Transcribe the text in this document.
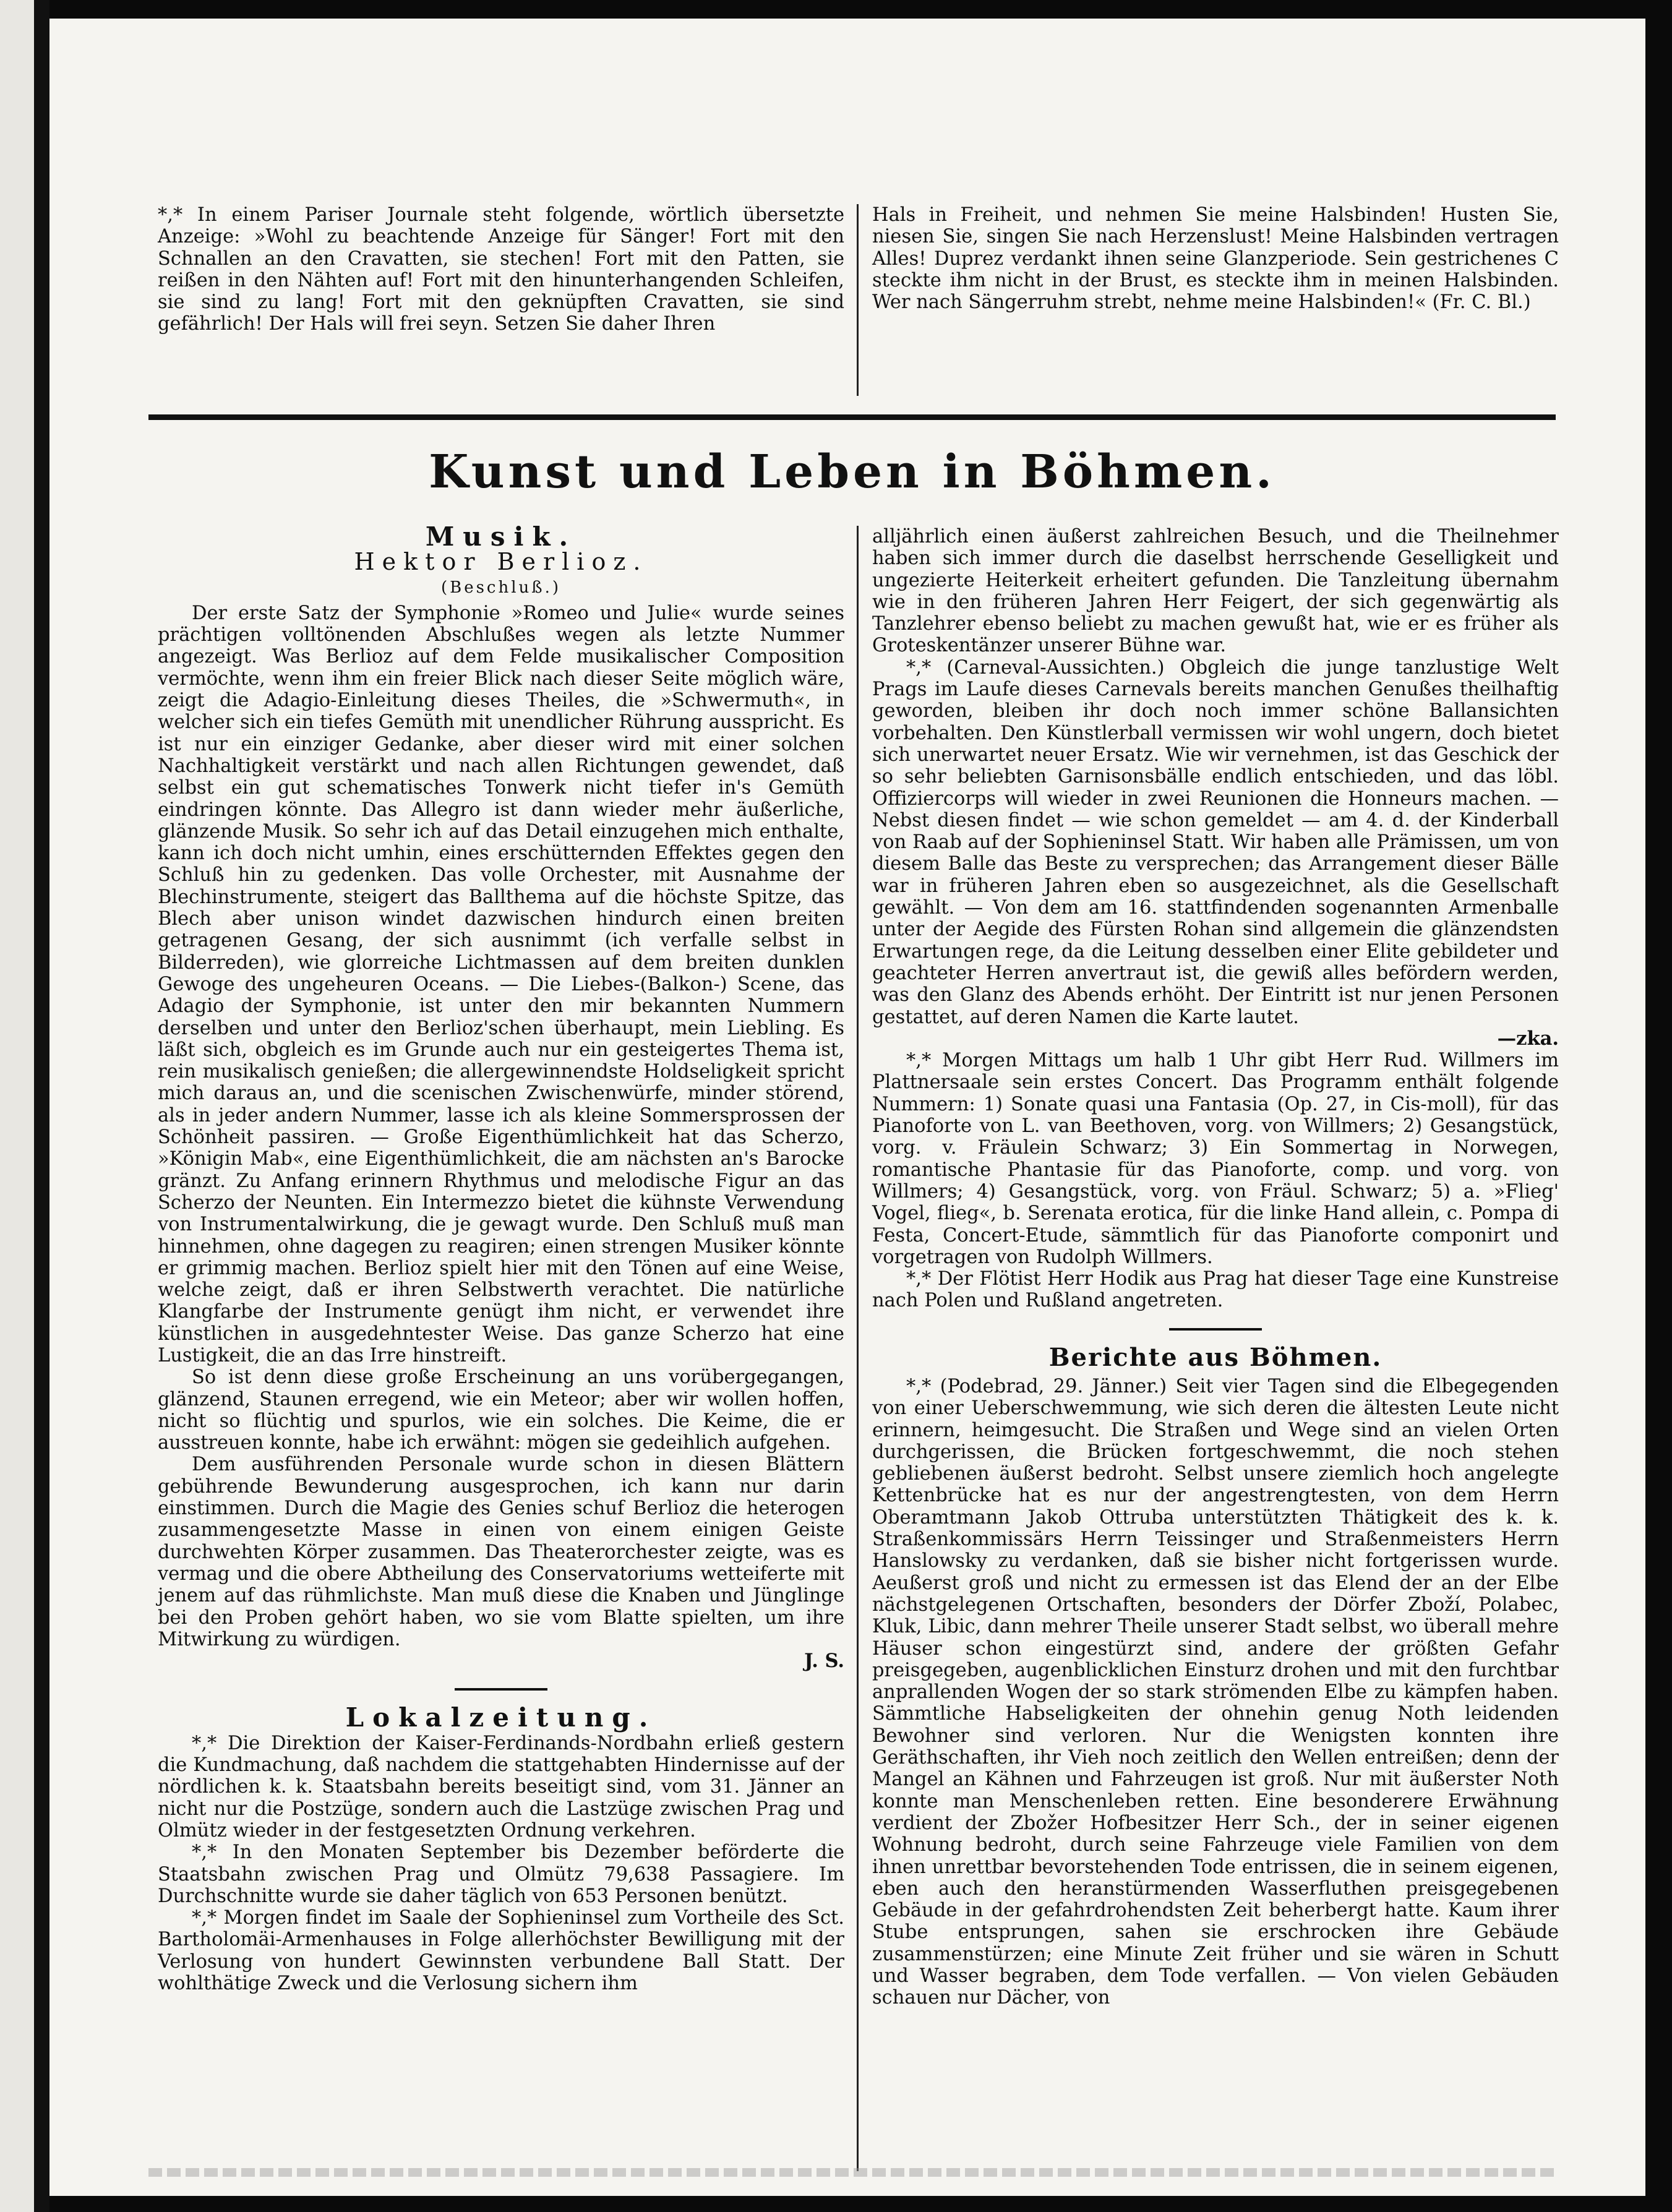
*,* In einem Pariser Journale steht folgende, wörtlich übersetzte Anzeige: »Wohl zu beachtende Anzeige für Sänger! Fort mit den Schnallen an den Cravatten, sie stechen! Fort mit den Patten, sie reißen in den Nähten auf! Fort mit den hinunterhangenden Schleifen, sie sind zu lang! Fort mit den geknüpften Cravatten, sie sind gefährlich! Der Hals will frei seyn. Setzen Sie daher Ihren

Hals in Freiheit, und nehmen Sie meine Halsbinden! Husten Sie, niesen Sie, singen Sie nach Herzenslust! Meine Halsbinden vertragen Alles! Duprez verdankt ihnen seine Glanzperiode. Sein gestrichenes C steckte ihm nicht in der Brust, es steckte ihm in meinen Halsbinden. Wer nach Sängerruhm strebt, nehme meine Halsbinden!« (Fr. C. Bl.)

Kunst und Leben in Böhmen.
Musik.
Hektor Berlioz.
(Beschluß.)

Der erste Satz der Symphonie »Romeo und Julie« wurde seines prächtigen volltönenden Abschlußes wegen als letzte Nummer angezeigt. Was Berlioz auf dem Felde musikalischer Composition vermöchte, wenn ihm ein freier Blick nach dieser Seite möglich wäre, zeigt die Adagio-Einleitung dieses Theiles, die »Schwermuth«, in welcher sich ein tiefes Gemüth mit unendlicher Rührung ausspricht. Es ist nur ein einziger Gedanke, aber dieser wird mit einer solchen Nachhaltigkeit verstärkt und nach allen Richtungen gewendet, daß selbst ein gut schematisches Tonwerk nicht tiefer in's Gemüth eindringen könnte. Das Allegro ist dann wieder mehr äußerliche, glänzende Musik. So sehr ich auf das Detail einzugehen mich enthalte, kann ich doch nicht umhin, eines erschütternden Effektes gegen den Schluß hin zu gedenken. Das volle Orchester, mit Ausnahme der Blechinstrumente, steigert das Ballthema auf die höchste Spitze, das Blech aber unison windet dazwischen hindurch einen breiten getragenen Gesang, der sich ausnimmt (ich verfalle selbst in Bilderreden), wie glorreiche Lichtmassen auf dem breiten dunklen Gewoge des ungeheuren Oceans. — Die Liebes-(Balkon-) Scene, das Adagio der Symphonie, ist unter den mir bekannten Nummern derselben und unter den Berlioz'schen überhaupt, mein Liebling. Es läßt sich, obgleich es im Grunde auch nur ein gesteigertes Thema ist, rein musikalisch genießen; die allergewinnendste Holdseligkeit spricht mich daraus an, und die scenischen Zwischenwürfe, minder störend, als in jeder andern Nummer, lasse ich als kleine Sommersprossen der Schönheit passiren. — Große Eigenthümlichkeit hat das Scherzo, »Königin Mab«, eine Eigenthümlichkeit, die am nächsten an's Barocke gränzt. Zu Anfang erinnern Rhythmus und melodische Figur an das Scherzo der Neunten. Ein Intermezzo bietet die kühnste Verwendung von Instrumentalwirkung, die je gewagt wurde. Den Schluß muß man hinnehmen, ohne dagegen zu reagiren; einen strengen Musiker könnte er grimmig machen. Berlioz spielt hier mit den Tönen auf eine Weise, welche zeigt, daß er ihren Selbstwerth verachtet. Die natürliche Klangfarbe der Instrumente genügt ihm nicht, er verwendet ihre künstlichen in ausgedehntester Weise. Das ganze Scherzo hat eine Lustigkeit, die an das Irre hinstreift.

So ist denn diese große Erscheinung an uns vorübergegangen, glänzend, Staunen erregend, wie ein Meteor; aber wir wollen hoffen, nicht so flüchtig und spurlos, wie ein solches. Die Keime, die er ausstreuen konnte, habe ich erwähnt: mögen sie gedeihlich aufgehen.

Dem ausführenden Personale wurde schon in diesen Blättern gebührende Bewunderung ausgesprochen, ich kann nur darin einstimmen. Durch die Magie des Genies schuf Berlioz die heterogen zusammengesetzte Masse in einen von einem einigen Geiste durchwehten Körper zusammen. Das Theaterorchester zeigte, was es vermag und die obere Abtheilung des Conservatoriums wetteiferte mit jenem auf das rühmlichste. Man muß diese die Knaben und Jünglinge bei den Proben gehört haben, wo sie vom Blatte spielten, um ihre Mitwirkung zu würdigen.

J. S.

Lokalzeitung.

*,* Die Direktion der Kaiser-Ferdinands-Nordbahn erließ gestern die Kundmachung, daß nachdem die stattgehabten Hindernisse auf der nördlichen k. k. Staatsbahn bereits beseitigt sind, vom 31. Jänner an nicht nur die Postzüge, sondern auch die Lastzüge zwischen Prag und Olmütz wieder in der festgesetzten Ordnung verkehren.

*,* In den Monaten September bis Dezember beförderte die Staatsbahn zwischen Prag und Olmütz 79,638 Passagiere. Im Durchschnitte wurde sie daher täglich von 653 Personen benützt.

*,* Morgen findet im Saale der Sophieninsel zum Vortheile des Sct. Bartholomäi-Armenhauses in Folge allerhöchster Bewilligung mit der Verlosung von hundert Gewinnsten verbundene Ball Statt. Der wohlthätige Zweck und die Verlosung sichern ihm

alljährlich einen äußerst zahlreichen Besuch, und die Theilnehmer haben sich immer durch die daselbst herrschende Geselligkeit und ungezierte Heiterkeit erheitert gefunden. Die Tanzleitung übernahm wie in den früheren Jahren Herr Feigert, der sich gegenwärtig als Tanzlehrer ebenso beliebt zu machen gewußt hat, wie er es früher als Groteskentänzer unserer Bühne war.

*,* (Carneval-Aussichten.) Obgleich die junge tanzlustige Welt Prags im Laufe dieses Carnevals bereits manchen Genußes theilhaftig geworden, bleiben ihr doch noch immer schöne Ballansichten vorbehalten. Den Künstlerball vermissen wir wohl ungern, doch bietet sich unerwartet neuer Ersatz. Wie wir vernehmen, ist das Geschick der so sehr beliebten Garnisonsbälle endlich entschieden, und das löbl. Offiziercorps will wieder in zwei Reunionen die Honneurs machen. — Nebst diesen findet — wie schon gemeldet — am 4. d. der Kinderball von Raab auf der Sophieninsel Statt. Wir haben alle Prämissen, um von diesem Balle das Beste zu versprechen; das Arrangement dieser Bälle war in früheren Jahren eben so ausgezeichnet, als die Gesellschaft gewählt. — Von dem am 16. stattfindenden sogenannten Armenballe unter der Aegide des Fürsten Rohan sind allgemein die glänzendsten Erwartungen rege, da die Leitung desselben einer Elite gebildeter und geachteter Herren anvertraut ist, die gewiß alles befördern werden, was den Glanz des Abends erhöht. Der Eintritt ist nur jenen Personen gestattet, auf deren Namen die Karte lautet.

—zka.

*,* Morgen Mittags um halb 1 Uhr gibt Herr Rud. Willmers im Plattnersaale sein erstes Concert. Das Programm enthält folgende Nummern: 1) Sonate quasi una Fantasia (Op. 27, in Cis-moll), für das Pianoforte von L. van Beethoven, vorg. von Willmers; 2) Gesangstück, vorg. v. Fräulein Schwarz; 3) Ein Sommertag in Norwegen, romantische Phantasie für das Pianoforte, comp. und vorg. von Willmers; 4) Gesangstück, vorg. von Fräul. Schwarz; 5) a. »Flieg' Vogel, flieg«, b. Serenata erotica, für die linke Hand allein, c. Pompa di Festa, Concert-Etude, sämmtlich für das Pianoforte componirt und vorgetragen von Rudolph Willmers.

*,* Der Flötist Herr Hodik aus Prag hat dieser Tage eine Kunstreise nach Polen und Rußland angetreten.

Berichte aus Böhmen.

*,* (Podebrad, 29. Jänner.) Seit vier Tagen sind die Elbegegenden von einer Ueberschwemmung, wie sich deren die ältesten Leute nicht erinnern, heimgesucht. Die Straßen und Wege sind an vielen Orten durchgerissen, die Brücken fortgeschwemmt, die noch stehen gebliebenen äußerst bedroht. Selbst unsere ziemlich hoch angelegte Kettenbrücke hat es nur der angestrengtesten, von dem Herrn Oberamtmann Jakob Ottruba unterstützten Thätigkeit des k. k. Straßenkommissärs Herrn Teissinger und Straßenmeisters Herrn Hanslowsky zu verdanken, daß sie bisher nicht fortgerissen wurde. Aeußerst groß und nicht zu ermessen ist das Elend der an der Elbe nächstgelegenen Ortschaften, besonders der Dörfer Zboží, Polabec, Kluk, Libic, dann mehrer Theile unserer Stadt selbst, wo überall mehre Häuser schon eingestürzt sind, andere der größten Gefahr preisgegeben, augenblicklichen Einsturz drohen und mit den furchtbar anprallenden Wogen der so stark strömenden Elbe zu kämpfen haben. Sämmtliche Habseligkeiten der ohnehin genug Noth leidenden Bewohner sind verloren. Nur die Wenigsten konnten ihre Geräthschaften, ihr Vieh noch zeitlich den Wellen entreißen; denn der Mangel an Kähnen und Fahrzeugen ist groß. Nur mit äußerster Noth konnte man Menschenleben retten. Eine besonderere Erwähnung verdient der Zbožer Hofbesitzer Herr Sch., der in seiner eigenen Wohnung bedroht, durch seine Fahrzeuge viele Familien von dem ihnen unrettbar bevorstehenden Tode entrissen, die in seinem eigenen, eben auch den heranstürmenden Wasserfluthen preisgegebenen Gebäude in der gefahrdrohendsten Zeit beherbergt hatte. Kaum ihrer Stube entsprungen, sahen sie erschrocken ihre Gebäude zusammenstürzen; eine Minute Zeit früher und sie wären in Schutt und Wasser begraben, dem Tode verfallen. — Von vielen Gebäuden schauen nur Dächer, von
